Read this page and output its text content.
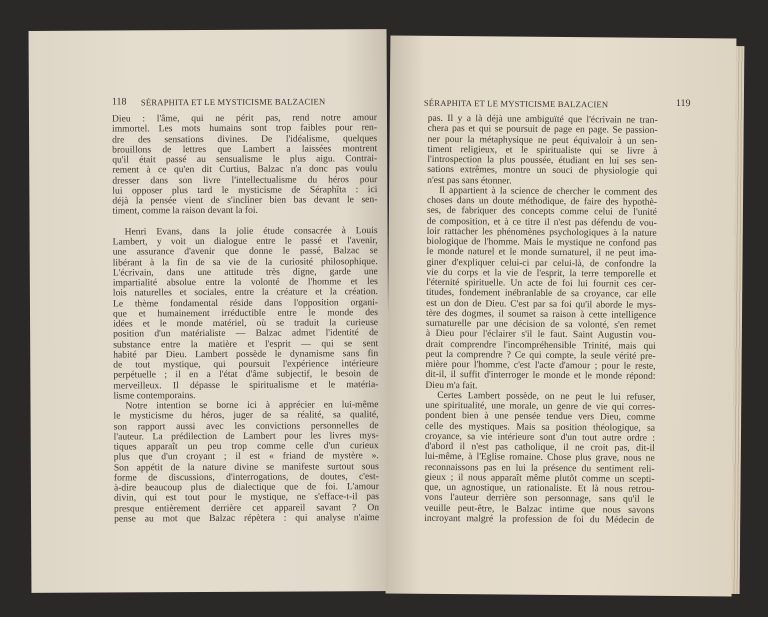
118 SÉRAPHITA ET LE MYSTICISME BALZACIEN
Dieu : l'âme, qui ne périt pas, rend notre amour
immortel. Les mots humains sont trop faibles pour ren-
dre des sensations divines. De l'idéalisme, quelques
brouillons de lettres que Lambert a laissées montrent
qu'il était passé au sensualisme le plus aigu. Contrai-
rement à ce qu'en dit Curtius, Balzac n'a donc pas voulu
dresser dans son livre l'intellectualisme du héros pour
lui opposer plus tard le mysticisme de Séraphîta : ici
déjà la pensée vient de s'incliner bien bas devant le sen-
timent, comme la raison devant la foi.
Henri Evans, dans la jolie étude consacrée à Louis
Lambert, y voit un dialogue entre le passé et l'avenir,
une assurance d'avenir que donne le passé, Balzac se
libérant à la fin de sa vie de la curiosité philosophique.
L'écrivain, dans une attitude très digne, garde une
impartialité absolue entre la volonté de l'homme et les
lois naturelles et sociales, entre la créature et la création.
Le thème fondamental réside dans l'opposition organi-
que et humainement irréductible entre le monde des
idées et le monde matériel, où se traduit la curieuse
position d'un matérialiste — Balzac admet l'identité de
substance entre la matière et l'esprit — qui se sent
habité par Dieu. Lambert possède le dynamisme sans fin
de tout mystique, qui poursuit l'expérience intérieure
perpétuelle ; il en a l'état d'âme subjectif, le besoin de
merveilleux. Il dépasse le spiritualisme et le matéria-
lisme contemporains.
Notre intention se borne ici à apprécier en lui-même
le mysticisme du héros, juger de sa réalité, sa qualité,
son rapport aussi avec les convictions personnelles de
l'auteur. La prédilection de Lambert pour les livres mys-
tiques apparaît un peu trop comme celle d'un curieux
plus que d'un croyant ; il est « friand de mystère ».
Son appétit de la nature divine se manifeste surtout sous
forme de discussions, d'interrogations, de doutes, c'est-
à-dire beaucoup plus de dialectique que de foi. L'amour
divin, qui est tout pour le mystique, ne s'efface-t-il pas
presque entièrement derrière cet appareil savant ? On
pense au mot que Balzac répètera : qui analyse n'aime
SÉRAPHITA ET LE MYSTICISME BALZACIEN	119
pas. Il y a là déjà une ambiguïté que l'écrivain ne tran-
chera pas et qui se poursuit de page en page. Se passion-
ner pour la métaphysique ne peut équivaloir à un sen-
timent religieux, et le spiritualiste qui se livre à
l'introspection la plus poussée, étudiant en lui ses sen-
sations extrêmes, montre un souci de physiologie qui
n'est pas sans étonner.
Il appartient à la science de chercher le comment des
choses dans un doute méthodique, de faire des hypothè-
ses, de fabriquer des concepts comme celui de l'unité
de composition, et à ce titre il n'est pas défendu de vou-
loir rattacher les phénomènes psychologiques à la nature
biologique de l'homme. Mais le mystique ne confond pas
le monde naturel et le monde surnaturel, il ne peut ima-
giner d'expliquer celui-ci par celui-là, de confondre la
vie du corps et la vie de l'esprit, la terre temporelle et
l'éternité spirituelle. Un acte de foi lui fournit ces cer-
titudes, fondement inébranlable de sa croyance, car elle
est un don de Dieu. C'est par sa foi qu'il aborde le mys-
tère des dogmes, il soumet sa raison à cette intelligence
surnaturelle par une décision de sa volonté, s'en remet
à Dieu pour l'éclairer s'il le faut. Saint Augustin vou-
drait comprendre l'incompréhensible Trinité, mais qui
peut la comprendre ? Ce qui compte, la seule vérité pre-
mière pour l'homme, c'est l'acte d'amour ; pour le reste,
dit-il, il suffit d'interroger le monde et le monde répond:
Dieu m'a fait.
Certes Lambert possède, on ne peut le lui refuser,
une spiritualité, une morale, un genre de vie qui corres-
pondent bien à une pensée tendue vers Dieu, comme
celle des mystiques. Mais sa position théologique, sa
croyance, sa vie intérieure sont d'un tout autre ordre :
d'abord il n'est pas catholique, il ne croit pas, dit-il
lui-même, à l'Eglise romaine. Chose plus grave, nous ne
reconnaissons pas en lui la présence du sentiment reli-
gieux ; il nous apparaît même plutôt comme un scepti-
que, un agnostique, un rationaliste. Et là nous retrou-
vons l'auteur derrière son personnage, sans qu'il le
veuille peut-être, le Balzac intime que nous savons
incroyant malgré la profession de foi du Médecin de
